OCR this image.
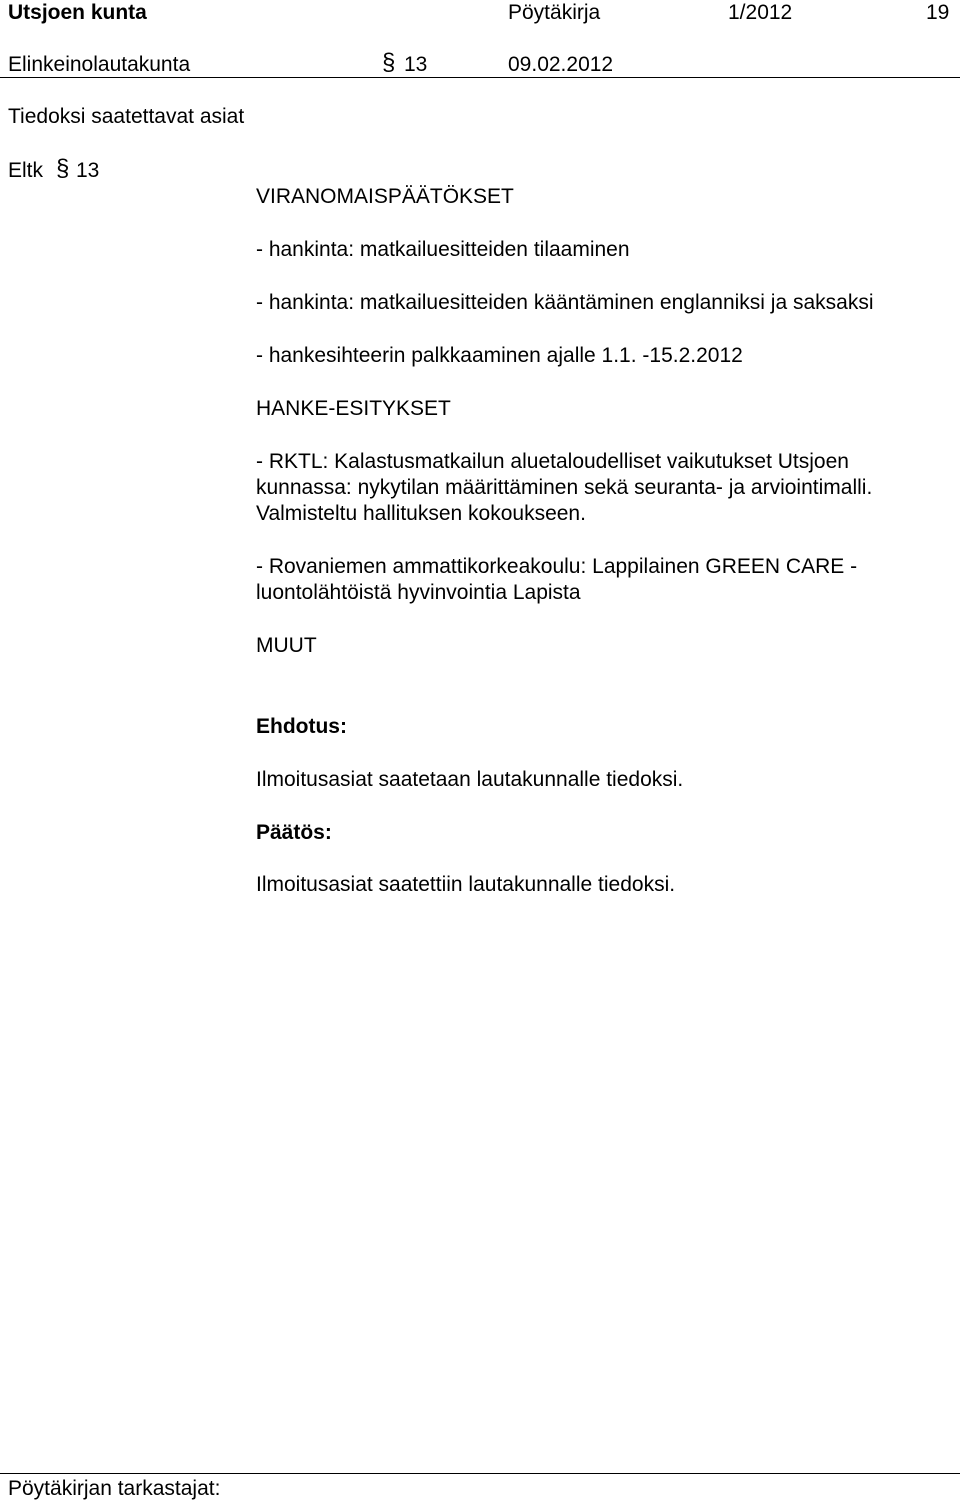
Utsjoen kunta	Pöytäkirja	1/2012	19
Elinkeinolautakunta	§ 13	09.02.2012
Tiedoksi saatettavat asiat
Eltk § 13
VIRANOMAISPÄÄTÖKSET
- hankinta: matkailuesitteiden tilaaminen
- hankinta: matkailuesitteiden kääntäminen englanniksi ja saksaksi
- hankesihteerin palkkaaminen ajalle 1.1. -15.2.2012
HANKE-ESITYKSET
- RKTL: Kalastusmatkailun aluetaloudelliset vaikutukset Utsjoen
kunnassa: nykytilan määrittäminen sekä seuranta- ja arviointimalli.
Valmisteltu hallituksen kokoukseen.
- Rovaniemen ammattikorkeakoulu: Lappilainen GREEN CARE -
luontolähtöistä hyvinvointia Lapista
MUUT
Ehdotus:
Ilmoitusasiat saatetaan lautakunnalle tiedoksi.
Päätös:
Ilmoitusasiat saatettiin lautakunnalle tiedoksi.
Pöytäkirjan tarkastajat:
